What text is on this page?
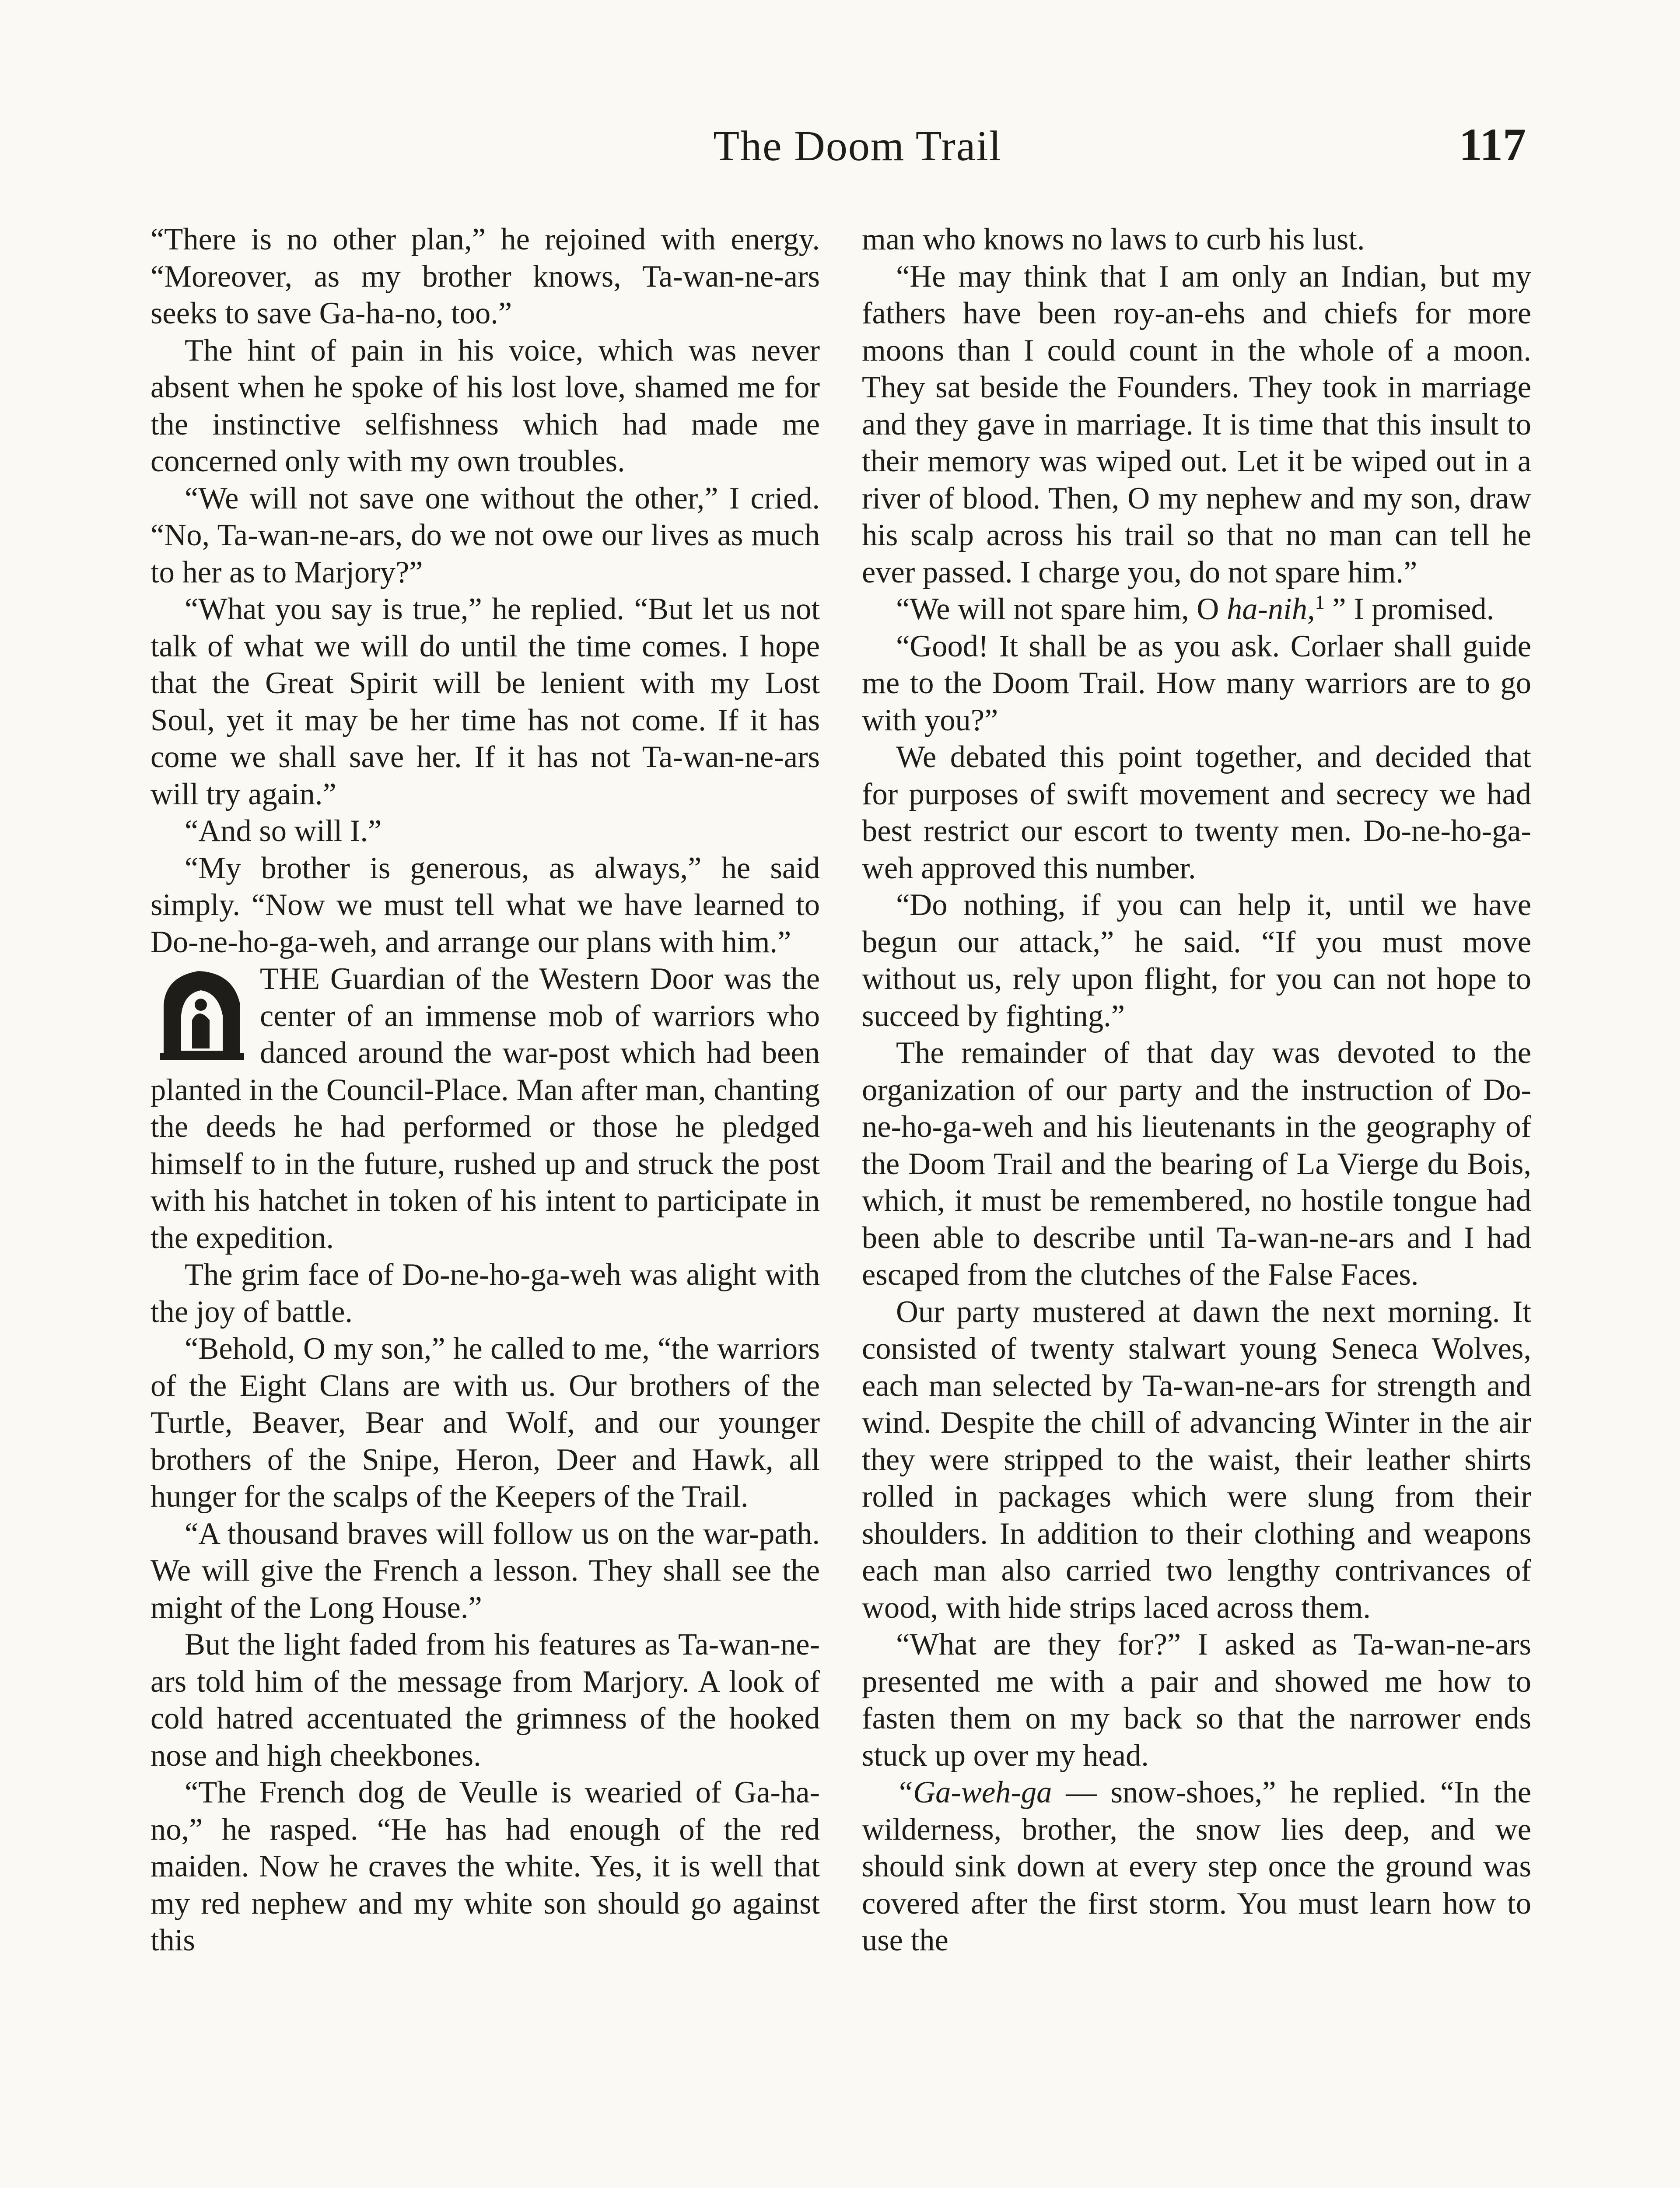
The Doom Trail	117

“There is no other plan,” he rejoined with energy. “Moreover, as my brother knows, Ta-wan-ne-ars seeks to save Ga-ha-no, too.”

The hint of pain in his voice, which was never absent when he spoke of his lost love, shamed me for the instinctive selfishness which had made me concerned only with my own troubles.

“We will not save one without the other,” I cried. “No, Ta-wan-ne-ars, do we not owe our lives as much to her as to Marjory?”

“What you say is true,” he replied. “But let us not talk of what we will do until the time comes. I hope that the Great Spirit will be lenient with my Lost Soul, yet it may be her time has not come. If it has come we shall save her. If it has not Ta-wan-ne-ars will try again.”

“And so will I.”

“My brother is generous, as always,” he said simply. “Now we must tell what we have learned to Do-ne-ho-ga-weh, and arrange our plans with him.”

THE Guardian of the Western Door was the center of an immense mob of warriors who danced around the war-post which had been planted in the Council-Place. Man after man, chanting the deeds he had performed or those he pledged himself to in the future, rushed up and struck the post with his hatchet in token of his intent to participate in the expedition.

The grim face of Do-ne-ho-ga-weh was alight with the joy of battle.

“Behold, O my son,” he called to me, “the warriors of the Eight Clans are with us. Our brothers of the Turtle, Beaver, Bear and Wolf, and our younger brothers of the Snipe, Heron, Deer and Hawk, all hunger for the scalps of the Keepers of the Trail.

“A thousand braves will follow us on the war-path. We will give the French a lesson. They shall see the might of the Long House.”

But the light faded from his features as Ta-wan-ne-ars told him of the message from Marjory. A look of cold hatred accentuated the grimness of the hooked nose and high cheekbones.

“The French dog de Veulle is wearied of Ga-ha-no,” he rasped. “He has had enough of the red maiden. Now he craves the white. Yes, it is well that my red nephew and my white son should go against this

man who knows no laws to curb his lust.

“He may think that I am only an Indian, but my fathers have been roy-an-ehs and chiefs for more moons than I could count in the whole of a moon. They sat beside the Founders. They took in marriage and they gave in marriage. It is time that this insult to their memory was wiped out. Let it be wiped out in a river of blood. Then, O my nephew and my son, draw his scalp across his trail so that no man can tell he ever passed. I charge you, do not spare him.”

“We will not spare him, O ha-nih,$^1$ ” I promised.

“Good! It shall be as you ask. Corlaer shall guide me to the Doom Trail. How many warriors are to go with you?”

We debated this point together, and decided that for purposes of swift movement and secrecy we had best restrict our escort to twenty men. Do-ne-ho-ga-weh approved this number.

“Do nothing, if you can help it, until we have begun our attack,” he said. “If you must move without us, rely upon flight, for you can not hope to succeed by fighting.”

The remainder of that day was devoted to the organization of our party and the instruction of Do-ne-ho-ga-weh and his lieutenants in the geography of the Doom Trail and the bearing of La Vierge du Bois, which, it must be remembered, no hostile tongue had been able to describe until Ta-wan-ne-ars and I had escaped from the clutches of the False Faces.

Our party mustered at dawn the next morning. It consisted of twenty stalwart young Seneca Wolves, each man selected by Ta-wan-ne-ars for strength and wind. Despite the chill of advancing Winter in the air they were stripped to the waist, their leather shirts rolled in packages which were slung from their shoulders. In addition to their clothing and weapons each man also carried two lengthy contrivances of wood, with hide strips laced across them.

“What are they for?” I asked as Ta-wan-ne-ars presented me with a pair and showed me how to fasten them on my back so that the narrower ends stuck up over my head.

“Ga-weh-ga — snow-shoes,” he replied. “In the wilderness, brother, the snow lies deep, and we should sink down at every step once the ground was covered after the first storm. You must learn how to use the
